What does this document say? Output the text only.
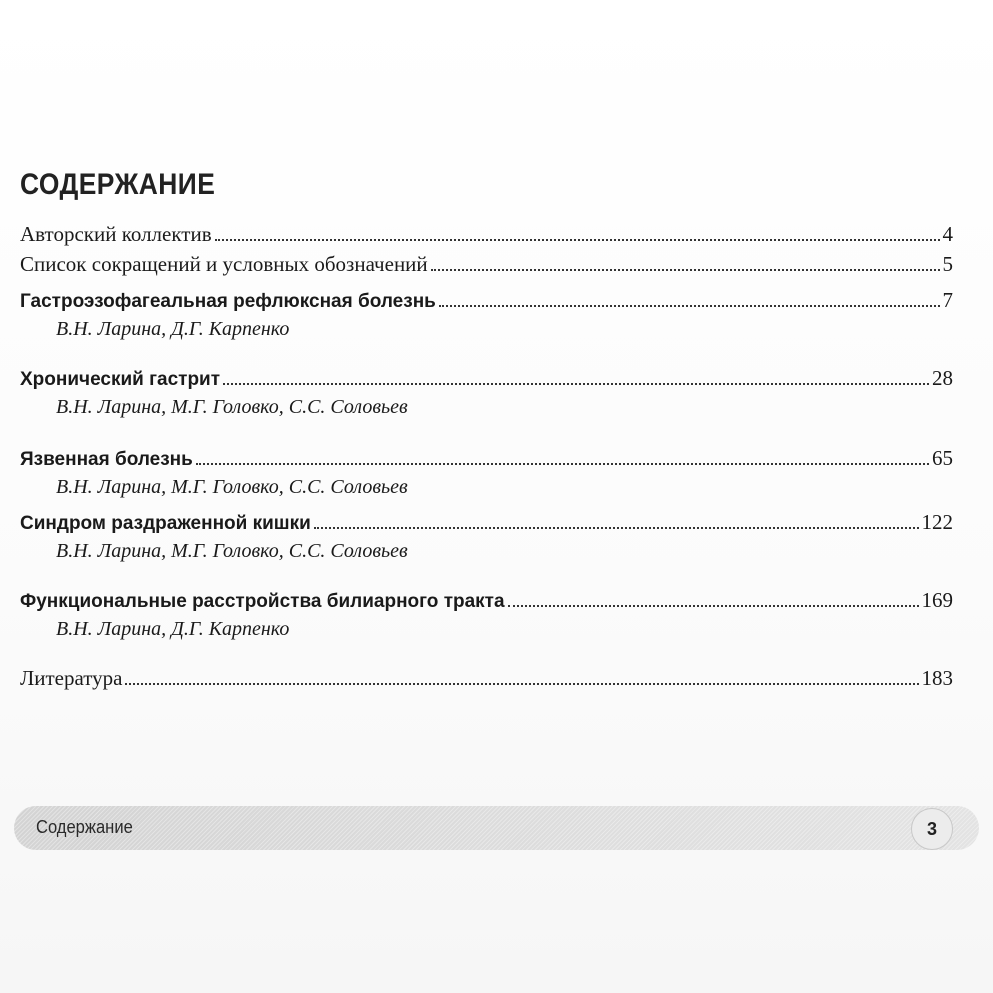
СОДЕРЖАНИЕ
Авторский коллектив	4
Список сокращений и условных обозначений	5
Гастроэзофагеальная рефлюксная болезнь	7
В.Н. Ларина, Д.Г. Карпенко
Хронический гастрит	28
В.Н. Ларина, М.Г. Головко, С.С. Соловьев
Язвенная болезнь	65
В.Н. Ларина, М.Г. Головко, С.С. Соловьев
Синдром раздраженной кишки	122
В.Н. Ларина, М.Г. Головко, С.С. Соловьев
Функциональные расстройства билиарного тракта	169
В.Н. Ларина, Д.Г. Карпенко
Литература	183
Содержание	3
